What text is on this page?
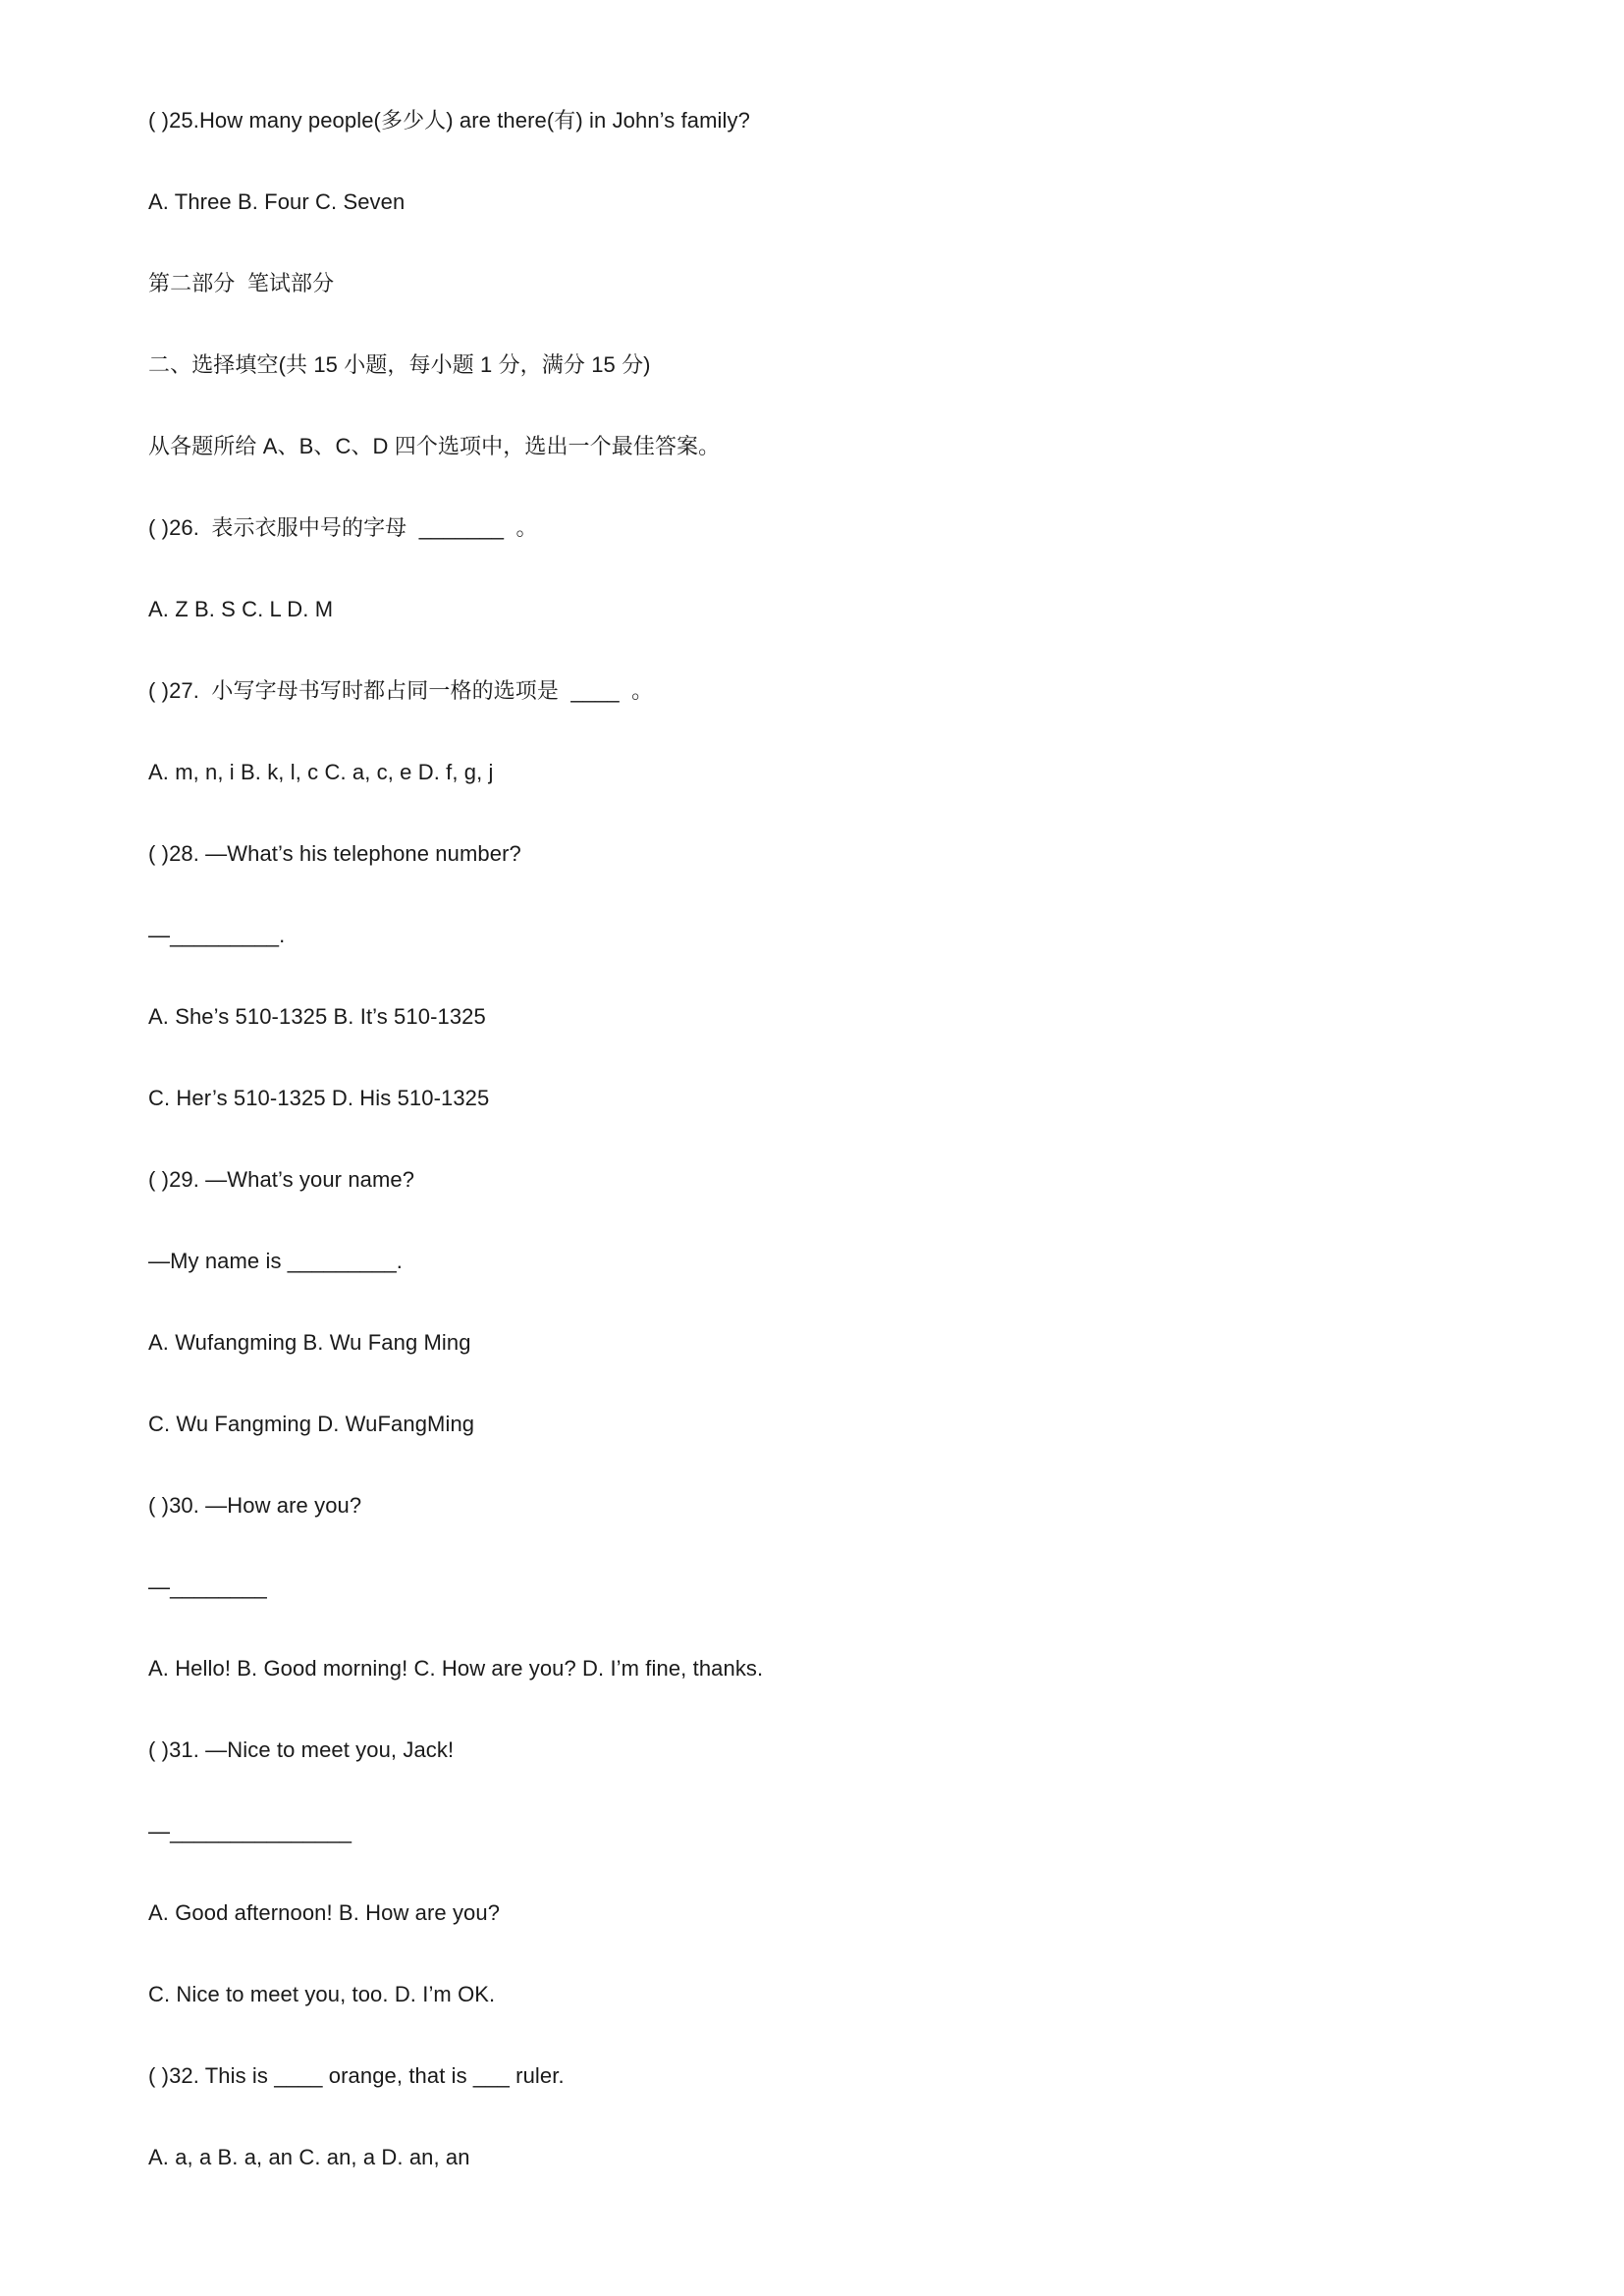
( )25.How many people(多少人) are there(有) in John’s family?
A. Three B. Four C. Seven
第二部分  笔试部分
二、选择填空(共 15 小题，每小题 1 分，满分 15 分)
从各题所给 A、B、C、D 四个选项中，选出一个最佳答案。
( )26.  表示衣服中号的字母  _______  。
A. Z B. S C. L D. M
( )27.  小写字母书写时都占同一格的选项是  ____  。
A. m, n, i B. k, l, c C. a, c, e D. f, g, j
( )28. —What’s his telephone number?
—_________.
A. She’s 510-1325 B. It’s 510-1325
C. Her’s 510-1325 D. His 510-1325
( )29. —What’s your name?
—My name is _________.
A. Wufangming B. Wu Fang Ming
C. Wu Fangming D. WuFangMing
( )30. —How are you?
—________
A. Hello! B. Good morning! C. How are you? D. I’m fine, thanks.
( )31. —Nice to meet you, Jack!
—_______________
A. Good afternoon! B. How are you?
C. Nice to meet you, too. D. I’m OK.
( )32. This is ____ orange, that is ___ ruler.
A. a, a B. a, an C. an, a D. an, an
